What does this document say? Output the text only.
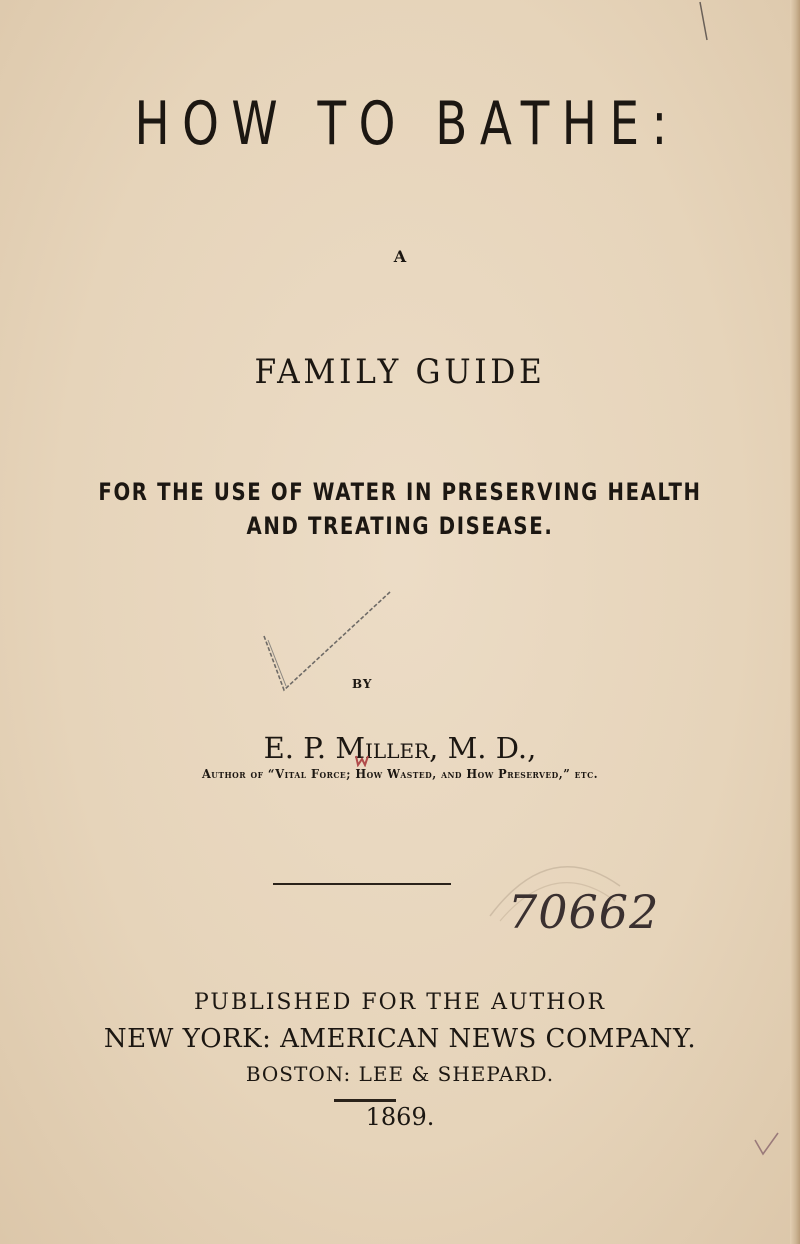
HOW TO BATHE:
A
FAMILY GUIDE
FOR THE USE OF WATER IN PRESERVING HEALTH
AND TREATING DISEASE.
BY
E. P. Miller, M. D.,
Author of “Vital Force; How Wasted, and How Preserved,” etc.
70662
PUBLISHED FOR THE AUTHOR
NEW YORK: AMERICAN NEWS COMPANY.
BOSTON: LEE & SHEPARD.
1869.
